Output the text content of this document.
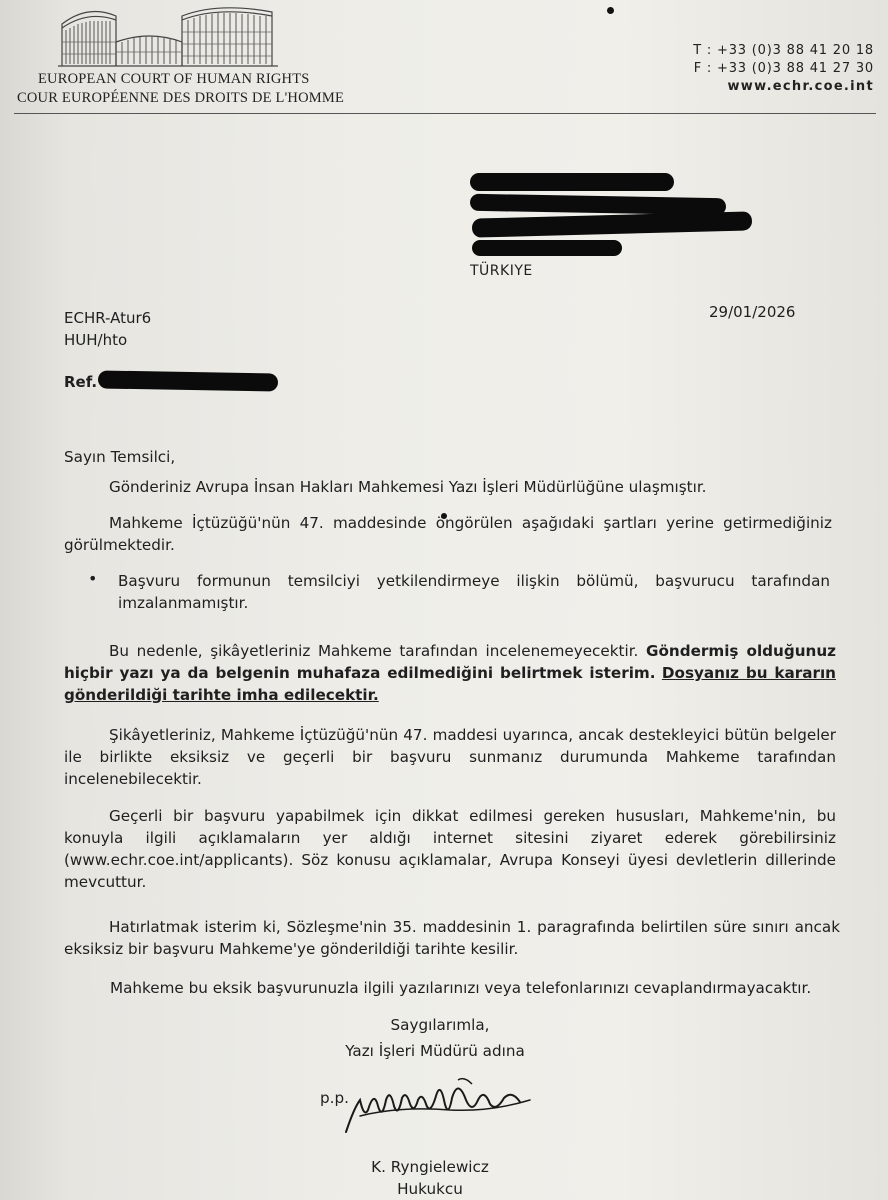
EUROPEAN COURT OF HUMAN RIGHTS
COUR EUROPÉENNE DES DROITS DE L'HOMME
T : +33 (0)3 88 41 20 18
F : +33 (0)3 88 41 27 30
www.echr.coe.int
TÜRKIYE
ECHR-Atur6
HUH/hto
29/01/2026
Ref.
Sayın Temsilci,
Gönderiniz Avrupa İnsan Hakları Mahkemesi Yazı İşleri Müdürlüğüne ulaşmıştır.
Mahkeme İçtüzüğü'nün 47. maddesinde öngörülen aşağıdaki şartları yerine getirmediğiniz görülmektedir.
• Başvuru formunun temsilciyi yetkilendirmeye ilişkin bölümü, başvurucu tarafından imzalanmamıştır.
Bu nedenle, şikâyetleriniz Mahkeme tarafından incelenemeyecektir. Göndermiş olduğunuz hiçbir yazı ya da belgenin muhafaza edilmediğini belirtmek isterim. Dosyanız bu kararın gönderildiği tarihte imha edilecektir.
Şikâyetleriniz, Mahkeme İçtüzüğü'nün 47. maddesi uyarınca, ancak destekleyici bütün belgeler ile birlikte eksiksiz ve geçerli bir başvuru sunmanız durumunda Mahkeme tarafından incelenebilecektir.
Geçerli bir başvuru yapabilmek için dikkat edilmesi gereken hususları, Mahkeme'nin, bu konuyla ilgili açıklamaların yer aldığı internet sitesini ziyaret ederek görebilirsiniz (www.echr.coe.int/applicants). Söz konusu açıklamalar, Avrupa Konseyi üyesi devletlerin dillerinde mevcuttur.
Hatırlatmak isterim ki, Sözleşme'nin 35. maddesinin 1. paragrafında belirtilen süre sınırı ancak eksiksiz bir başvuru Mahkeme'ye gönderildiği tarihte kesilir.
Mahkeme bu eksik başvurunuzla ilgili yazılarınızı veya telefonlarınızı cevaplandırmayacaktır.
Saygılarımla,
Yazı İşleri Müdürü adına
p.p.
K. Ryngielewicz
Hukukcu
